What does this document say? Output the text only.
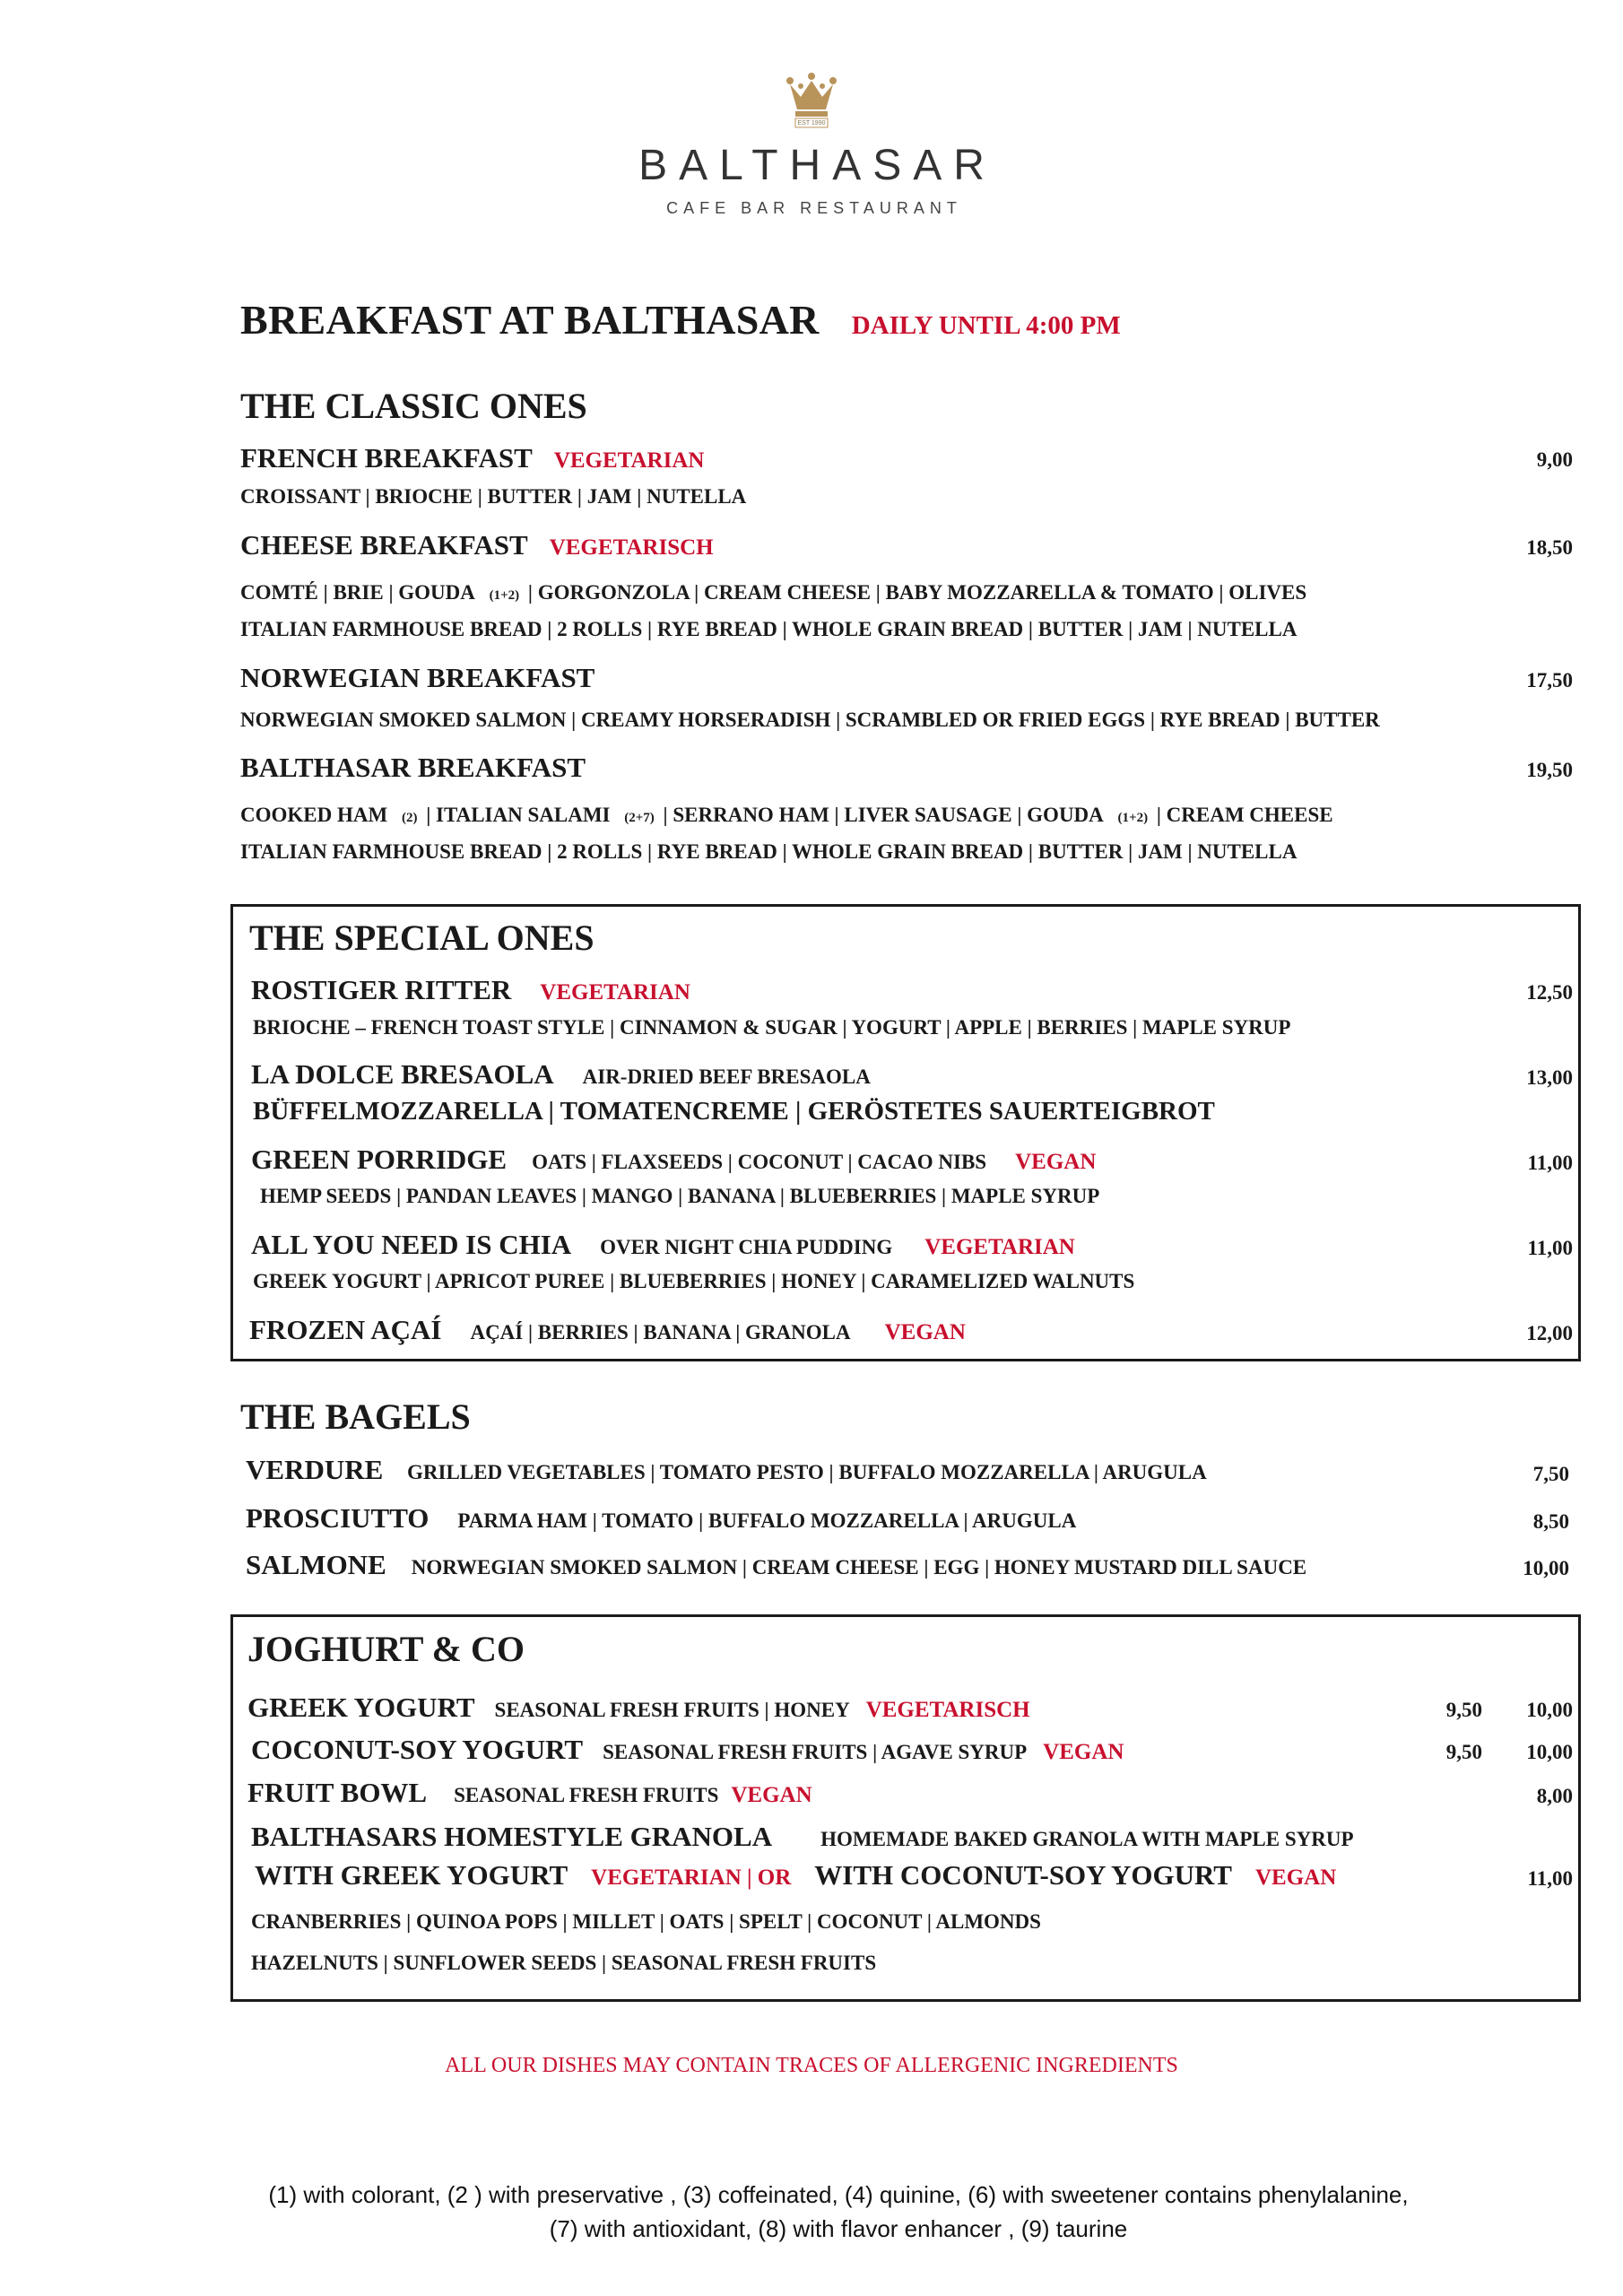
EST 1990
BALTHASAR
CAFE BAR RESTAURANT
BREAKFAST AT BALTHASAR DAILY UNTIL 4:00 PM
THE CLASSIC ONES
FRENCH BREAKFAST VEGETARIAN	9,00
CROISSANT | BRIOCHE | BUTTER | JAM | NUTELLA
CHEESE BREAKFAST VEGETARISCH	18,50
COMTÉ | BRIE | GOUDA (1+2) | GORGONZOLA | CREAM CHEESE | BABY MOZZARELLA & TOMATO | OLIVES
ITALIAN FARMHOUSE BREAD | 2 ROLLS | RYE BREAD | WHOLE GRAIN BREAD | BUTTER | JAM | NUTELLA
NORWEGIAN BREAKFAST	17,50
NORWEGIAN SMOKED SALMON | CREAMY HORSERADISH | SCRAMBLED OR FRIED EGGS | RYE BREAD | BUTTER
BALTHASAR BREAKFAST	19,50
COOKED HAM (2) | ITALIAN SALAMI (2+7) | SERRANO HAM | LIVER SAUSAGE | GOUDA (1+2) | CREAM CHEESE
ITALIAN FARMHOUSE BREAD | 2 ROLLS | RYE BREAD | WHOLE GRAIN BREAD | BUTTER | JAM | NUTELLA
THE SPECIAL ONES
ROSTIGER RITTER VEGETARIAN	12,50
BRIOCHE – FRENCH TOAST STYLE | CINNAMON & SUGAR | YOGURT | APPLE | BERRIES | MAPLE SYRUP
LA DOLCE BRESAOLA AIR-DRIED BEEF BRESAOLA	13,00
BÜFFELMOZZARELLA | TOMATENCREME | GERÖSTETES SAUERTEIGBROT
GREEN PORRIDGE OATS | FLAXSEEDS | COCONUT | CACAO NIBS VEGAN	11,00
HEMP SEEDS | PANDAN LEAVES | MANGO | BANANA | BLUEBERRIES | MAPLE SYRUP
ALL YOU NEED IS CHIA OVER NIGHT CHIA PUDDING VEGETARIAN	11,00
GREEK YOGURT | APRICOT PUREE | BLUEBERRIES | HONEY | CARAMELIZED WALNUTS
FROZEN AÇAÍ AÇAÍ | BERRIES | BANANA | GRANOLA VEGAN	12,00
THE BAGELS
VERDURE GRILLED VEGETABLES | TOMATO PESTO | BUFFALO MOZZARELLA | ARUGULA	7,50
PROSCIUTTO PARMA HAM | TOMATO | BUFFALO MOZZARELLA | ARUGULA	8,50
SALMONE NORWEGIAN SMOKED SALMON | CREAM CHEESE | EGG | HONEY MUSTARD DILL SAUCE	10,00
JOGHURT & CO
GREEK YOGURT SEASONAL FRESH FRUITS | HONEY VEGETARISCH	9,50 10,00
COCONUT-SOY YOGURT SEASONAL FRESH FRUITS | AGAVE SYRUP VEGAN	9,50 10,00
FRUIT BOWL SEASONAL FRESH FRUITS VEGAN	8,00
BALTHASARS HOMESTYLE GRANOLA HOMEMADE BAKED GRANOLA WITH MAPLE SYRUP
WITH GREEK YOGURT VEGETARIAN | OR WITH COCONUT-SOY YOGURT VEGAN	11,00
CRANBERRIES | QUINOA POPS | MILLET | OATS | SPELT | COCONUT | ALMONDS
HAZELNUTS | SUNFLOWER SEEDS | SEASONAL FRESH FRUITS
ALL OUR DISHES MAY CONTAIN TRACES OF ALLERGENIC INGREDIENTS
(1) with colorant, (2 ) with preservative , (3) coffeinated, (4) quinine, (6) with sweetener contains phenylalanine,
(7) with antioxidant, (8) with flavor enhancer , (9) taurine
